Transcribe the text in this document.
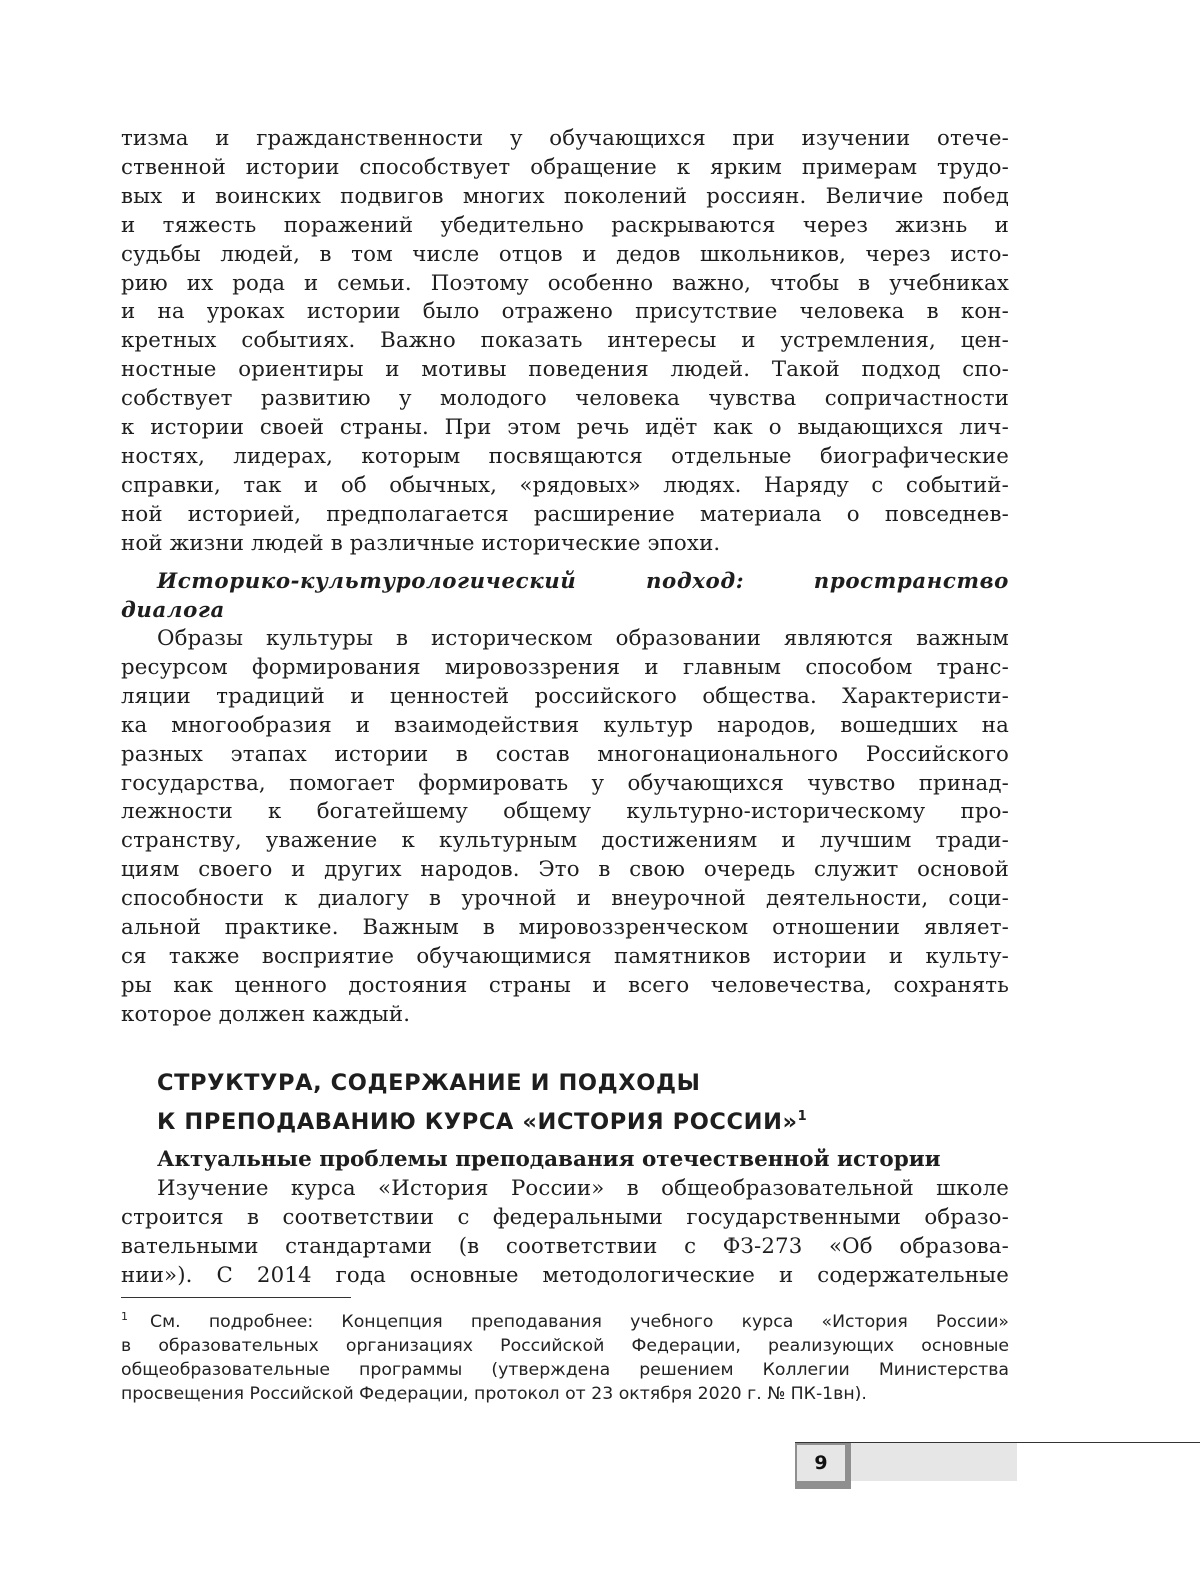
тизма и гражданственности у обучающихся при изучении отече-
ственной истории способствует обращение к ярким примерам трудо-
вых и воинских подвигов многих поколений россиян. Величие побед
и тяжесть поражений убедительно раскрываются через жизнь и
судьбы людей, в том числе отцов и дедов школьников, через исто-
рию их рода и семьи. Поэтому особенно важно, чтобы в учебниках
и на уроках истории было отражено присутствие человека в кон-
кретных событиях. Важно показать интересы и устремления, цен-
ностные ориентиры и мотивы поведения людей. Такой подход спо-
собствует развитию у молодого человека чувства сопричастности
к истории своей страны. При этом речь идёт как о выдающихся лич-
ностях, лидерах, которым посвящаются отдельные биографические
справки, так и об обычных, «рядовых» людях. Наряду с событий-
ной историей, предполагается расширение материала о повседнев-
ной жизни людей в различные исторические эпохи.
Историко-культурологический подход: пространство
диалога
Образы культуры в историческом образовании являются важным
ресурсом формирования мировоззрения и главным способом транс-
ляции традиций и ценностей российского общества. Характеристи-
ка многообразия и взаимодействия культур народов, вошедших на
разных этапах истории в состав многонационального Российского
государства, помогает формировать у обучающихся чувство принад-
лежности к богатейшему общему культурно-историческому про-
странству, уважение к культурным достижениям и лучшим тради-
циям своего и других народов. Это в свою очередь служит основой
способности к диалогу в урочной и внеурочной деятельности, соци-
альной практике. Важным в мировоззренческом отношении являет-
ся также восприятие обучающимися памятников истории и культу-
ры как ценного достояния страны и всего человечества, сохранять
которое должен каждый.
СТРУКТУРА, СОДЕРЖАНИЕ И ПОДХОДЫ
К ПРЕПОДАВАНИЮ КУРСА «ИСТОРИЯ РОССИИ»$^1$
Актуальные проблемы преподавания отечественной истории
Изучение курса «История России» в общеобразовательной школе
строится в соответствии с федеральными государственными образо-
вательными стандартами (в соответствии с ФЗ-273 «Об образова-
нии»). С 2014 года основные методологические и содержательные
$^1$ См. подробнее: Концепция преподавания учебного курса «История России»
в образовательных организациях Российской Федерации, реализующих основные
общеобразовательные программы (утверждена решением Коллегии Министерства
просвещения Российской Федерации, протокол от 23 октября 2020 г. № ПК-1вн).
9
